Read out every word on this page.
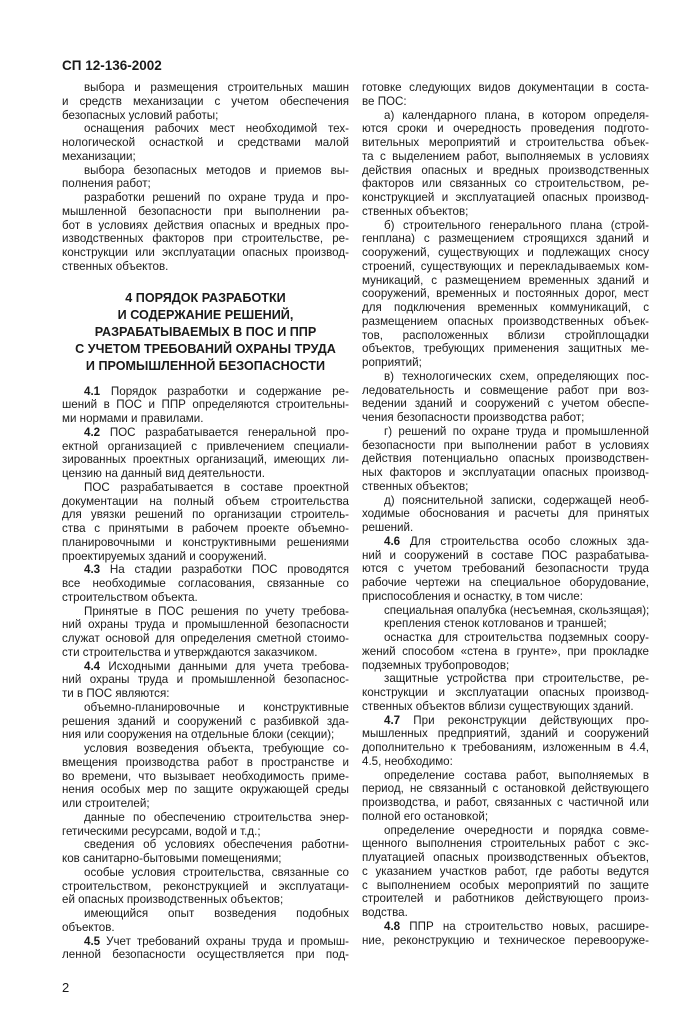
СП 12-136-2002
выбора и размещения строительных машин
и средств механизации с учетом обеспечения
безопасных условий работы;
оснащения рабочих мест необходимой тех-
нологической оснасткой и средствами малой
механизации;
выбора безопасных методов и приемов вы-
полнения работ;
разработки решений по охране труда и про-
мышленной безопасности при выполнении ра-
бот в условиях действия опасных и вредных про-
изводственных факторов при строительстве, ре-
конструкции или эксплуатации опасных производ-
ственных объектов.
4 ПОРЯДОК РАЗРАБОТКИ
И СОДЕРЖАНИЕ РЕШЕНИЙ,
РАЗРАБАТЫВАЕМЫХ В ПОС И ППР
С УЧЕТОМ ТРЕБОВАНИЙ ОХРАНЫ ТРУДА
И ПРОМЫШЛЕННОЙ БЕЗОПАСНОСТИ
4.1 Порядок разработки и содержание ре-
шений в ПОС и ППР определяются строительны-
ми нормами и правилами.
4.2 ПОС разрабатывается генеральной про-
ектной организацией с привлечением специали-
зированных проектных организаций, имеющих ли-
цензию на данный вид деятельности.
ПОС разрабатывается в составе проектной
документации на полный объем строительства
для увязки решений по организации строитель-
ства с принятыми в рабочем проекте объемно-
планировочными и конструктивными решениями
проектируемых зданий и сооружений.
4.3 На стадии разработки ПОС проводятся
все необходимые согласования, связанные со
строительством объекта.
Принятые в ПОС решения по учету требова-
ний охраны труда и промышленной безопасности
служат основой для определения сметной стоимо-
сти строительства и утверждаются заказчиком.
4.4 Исходными данными для учета требова-
ний охраны труда и промышленной безопаснос-
ти в ПОС являются:
объемно-планировочные и конструктивные
решения зданий и сооружений с разбивкой зда-
ния или сооружения на отдельные блоки (секции);
условия возведения объекта, требующие со-
вмещения производства работ в пространстве и
во времени, что вызывает необходимость приме-
нения особых мер по защите окружающей среды
или строителей;
данные по обеспечению строительства энер-
гетическими ресурсами, водой и т.д.;
сведения об условиях обеспечения работни-
ков санитарно-бытовыми помещениями;
особые условия строительства, связанные со
строительством, реконструкцией и эксплуатаци-
ей опасных производственных объектов;
имеющийся опыт возведения подобных
объектов.
4.5 Учет требований охраны труда и промыш-
ленной безопасности осуществляется при под-
готовке следующих видов документации в соста-
ве ПОС:
а) календарного плана, в котором определя-
ются сроки и очередность проведения подгото-
вительных мероприятий и строительства объек-
та с выделением работ, выполняемых в условиях
действия опасных и вредных производственных
факторов или связанных со строительством, ре-
конструкцией и эксплуатацией опасных производ-
ственных объектов;
б) строительного генерального плана (строй-
генплана) с размещением строящихся зданий и
сооружений, существующих и подлежащих сносу
строений, существующих и перекладываемых ком-
муникаций, с размещением временных зданий и
сооружений, временных и постоянных дорог, мест
для подключения временных коммуникаций, с
размещением опасных производственных объек-
тов, расположенных вблизи стройплощадки
объектов, требующих применения защитных ме-
роприятий;
в) технологических схем, определяющих пос-
ледовательность и совмещение работ при воз-
ведении зданий и сооружений с учетом обеспе-
чения безопасности производства работ;
г) решений по охране труда и промышленной
безопасности при выполнении работ в условиях
действия потенциально опасных производствен-
ных факторов и эксплуатации опасных производ-
ственных объектов;
д) пояснительной записки, содержащей необ-
ходимые обоснования и расчеты для принятых
решений.
4.6 Для строительства особо сложных зда-
ний и сооружений в составе ПОС разрабатыва-
ются с учетом требований безопасности труда
рабочие чертежи на специальное оборудование,
приспособления и оснастку, в том числе:
специальная опалубка (несъемная, скользящая);
крепления стенок котлованов и траншей;
оснастка для строительства подземных соору-
жений способом «стена в грунте», при прокладке
подземных трубопроводов;
защитные устройства при строительстве, ре-
конструкции и эксплуатации опасных производ-
ственных объектов вблизи существующих зданий.
4.7 При реконструкции действующих про-
мышленных предприятий, зданий и сооружений
дополнительно к требованиям, изложенным в 4.4,
4.5, необходимо:
определение состава работ, выполняемых в
период, не связанный с остановкой действующего
производства, и работ, связанных с частичной или
полной его остановкой;
определение очередности и порядка совме-
щенного выполнения строительных работ с экс-
плуатацией опасных производственных объектов,
с указанием участков работ, где работы ведутся
с выполнением особых мероприятий по защите
строителей и работников действующего произ-
водства.
4.8 ППР на строительство новых, расшире-
ние, реконструкцию и техническое перевооруже-
2
